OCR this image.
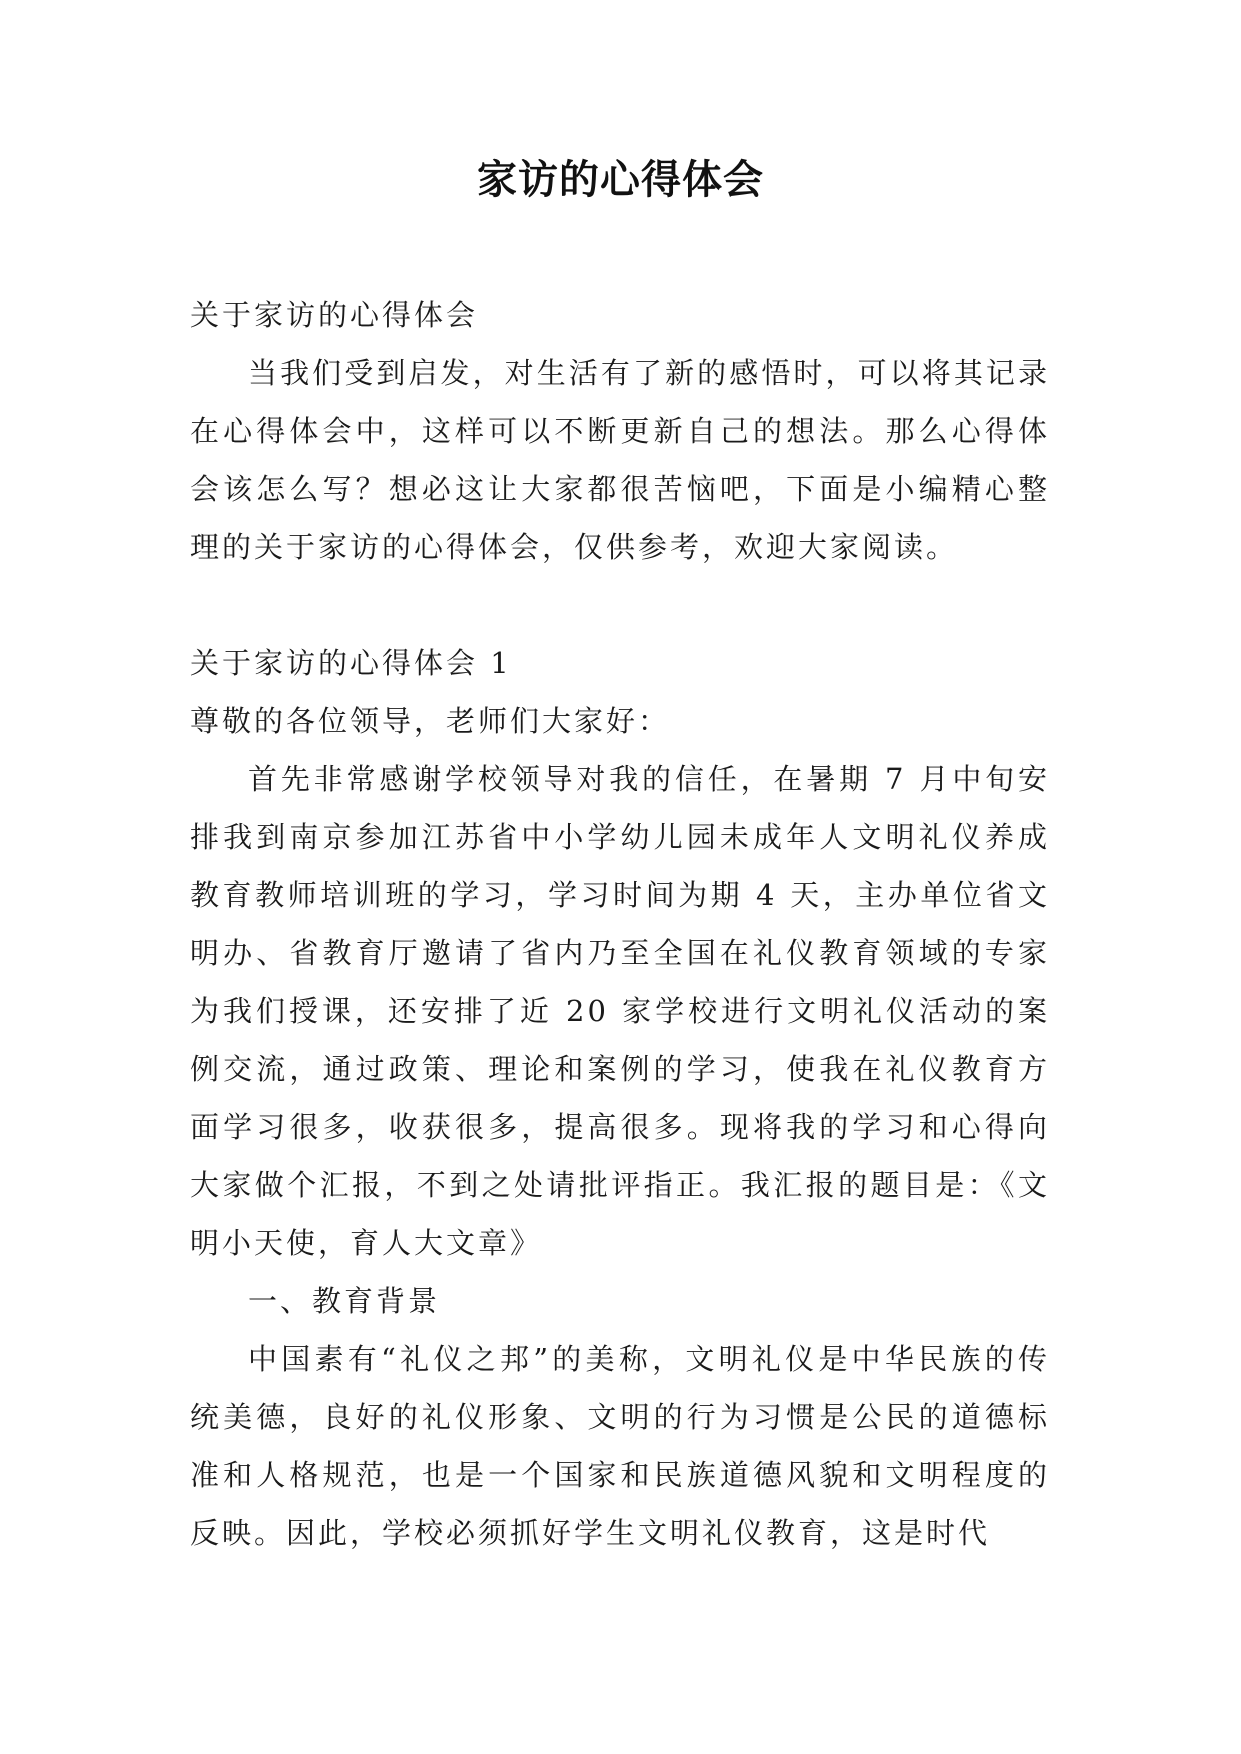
家访的心得体会

关于家访的心得体会

当我们受到启发，对生活有了新的感悟时，可以将其记录在心得体会中，这样可以不断更新自己的想法。那么心得体会该怎么写？想必这让大家都很苦恼吧，下面是小编精心整理的关于家访的心得体会，仅供参考，欢迎大家阅读。

关于家访的心得体会 1

尊敬的各位领导，老师们大家好：

首先非常感谢学校领导对我的信任，在暑期 7 月中旬安排我到南京参加江苏省中小学幼儿园未成年人文明礼仪养成教育教师培训班的学习，学习时间为期 4 天，主办单位省文明办、省教育厅邀请了省内乃至全国在礼仪教育领域的专家为我们授课，还安排了近 20 家学校进行文明礼仪活动的案例交流，通过政策、理论和案例的学习，使我在礼仪教育方面学习很多，收获很多，提高很多。现将我的学习和心得向大家做个汇报，不到之处请批评指正。我汇报的题目是：《文明小天使，育人大文章》

一、教育背景

中国素有“礼仪之邦”的美称，文明礼仪是中华民族的传统美德，良好的礼仪形象、文明的行为习惯是公民的道德标准和人格规范，也是一个国家和民族道德风貌和文明程度的反映。因此，学校必须抓好学生文明礼仪教育，这是时代
